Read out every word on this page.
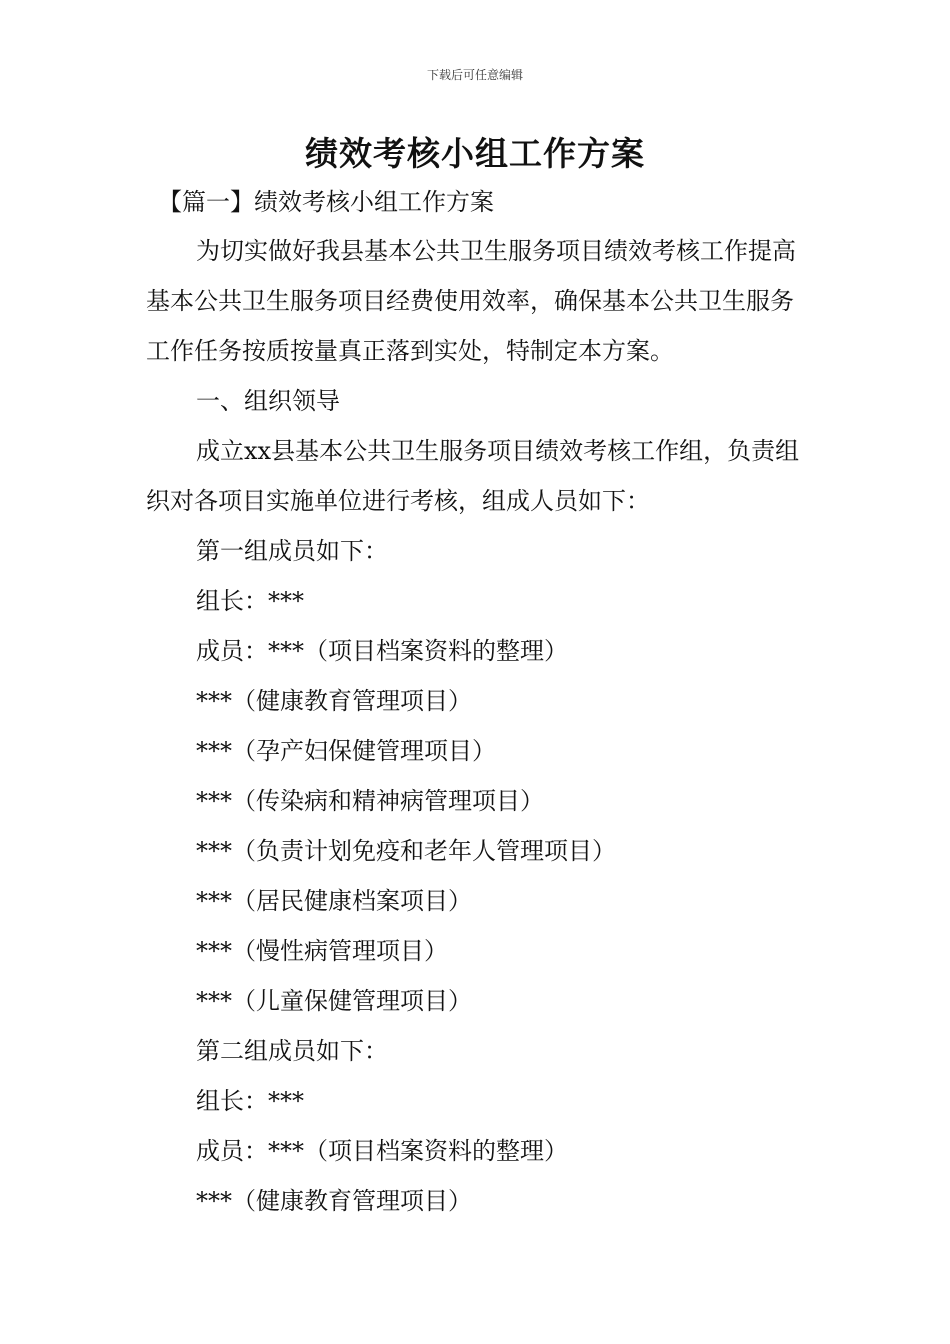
下载后可任意编辑
绩效考核小组工作方案
【篇一】绩效考核小组工作方案

为切实做好我县基本公共卫生服务项目绩效考核工作提高基本公共卫生服务项目经费使用效率，确保基本公共卫生服务工作任务按质按量真正落到实处，特制定本方案。

一、组织领导

成立xx县基本公共卫生服务项目绩效考核工作组，负责组织对各项目实施单位进行考核，组成人员如下：

第一组成员如下：

组长：***

成员：***（项目档案资料的整理）

***（健康教育管理项目）

***（孕产妇保健管理项目）

***（传染病和精神病管理项目）

***（负责计划免疫和老年人管理项目）

***（居民健康档案项目）

***（慢性病管理项目）

***（儿童保健管理项目）

第二组成员如下：

组长：***

成员：***（项目档案资料的整理）

***（健康教育管理项目）
